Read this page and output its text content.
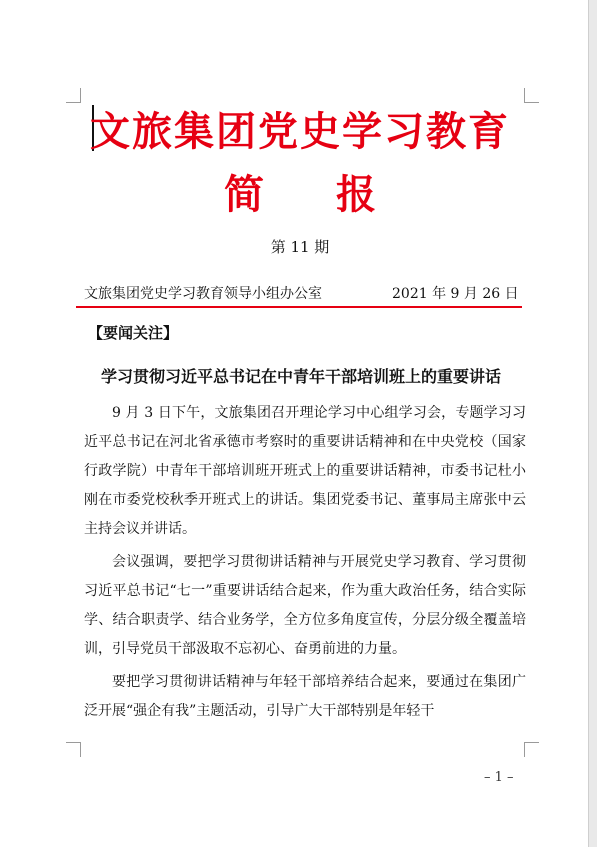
文旅集团党史学习教育
简报
第 11 期
文旅集团党史学习教育领导小组办公室	2021 年 9 月 26 日
【要闻关注】
学习贯彻习近平总书记在中青年干部培训班上的重要讲话

9 月 3 日下午，文旅集团召开理论学习中心组学习会，专题学习习近平总书记在河北省承德市考察时的重要讲话精神和在中央党校（国家行政学院）中青年干部培训班开班式上的重要讲话精神，市委书记杜小刚在市委党校秋季开班式上的讲话。集团党委书记、董事局主席张中云主持会议并讲话。

会议强调，要把学习贯彻讲话精神与开展党史学习教育、学习贯彻习近平总书记“七一”重要讲话结合起来，作为重大政治任务，结合实际学、结合职责学、结合业务学，全方位多角度宣传，分层分级全覆盖培训，引导党员干部汲取不忘初心、奋勇前进的力量。

要把学习贯彻讲话精神与年轻干部培养结合起来，要通过在集团广泛开展“强企有我”主题活动，引导广大干部特别是年轻干

– 1 –
